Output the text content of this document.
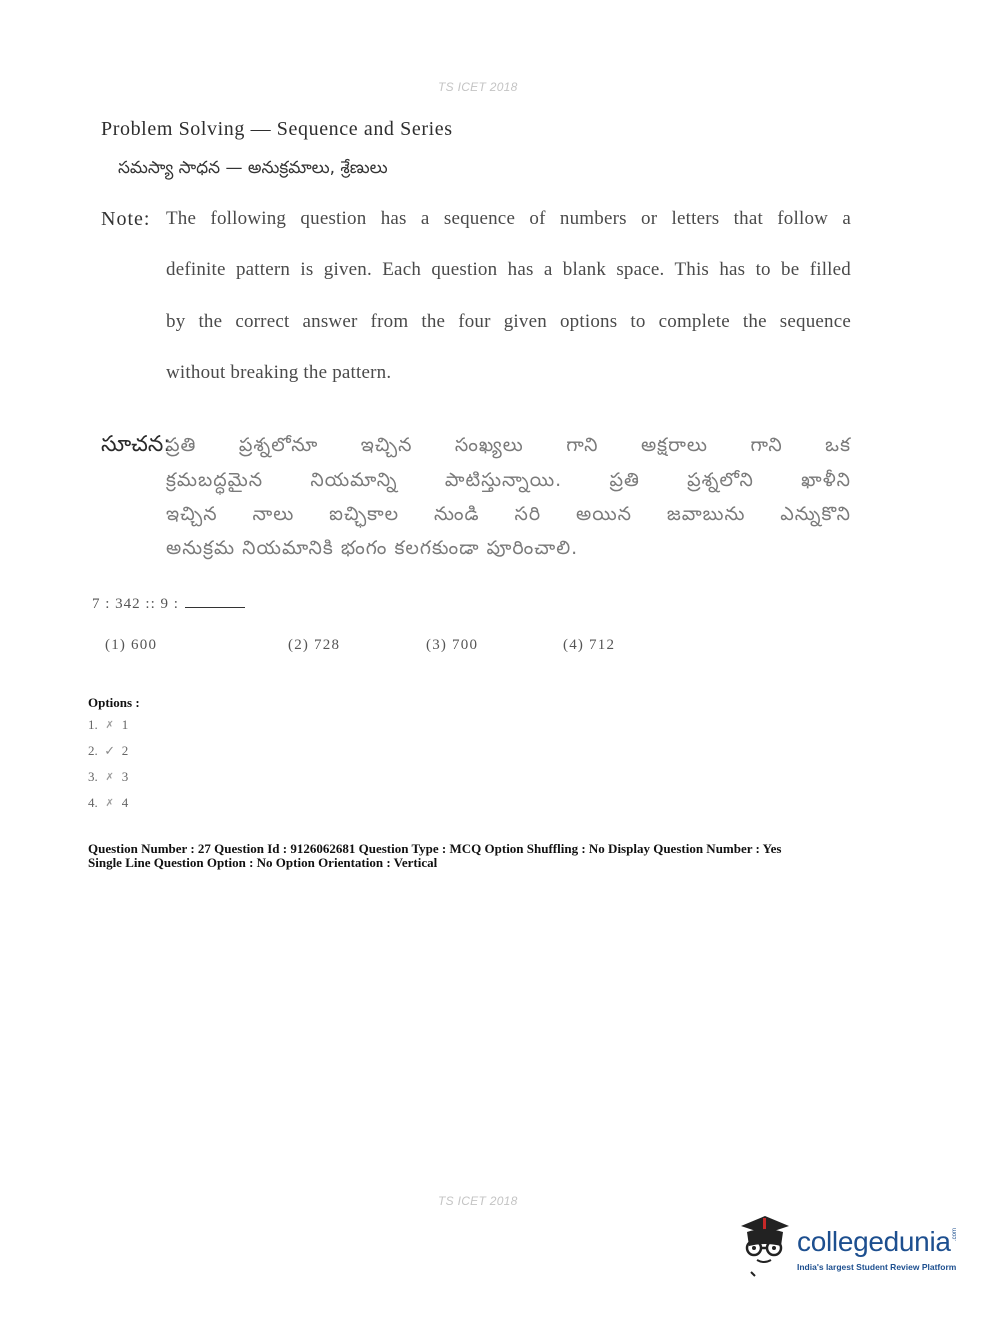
TS ICET 2018
Problem Solving — Sequence and Series
సమస్యా సాధన — అనుక్రమాలు, శ్రేణులు
Note: The following question has a sequence of numbers or letters that follow a
definite pattern is given. Each question has a blank space. This has to be filled
by the correct answer from the four given options to complete the sequence
without breaking the pattern.
సూచన:
ప్రతి ప్రశ్నలోనూ ఇచ్చిన సంఖ్యలు గాని అక్షరాలు గాని ఒక
క్రమబద్ధమైన నియమాన్ని పాటిస్తున్నాయి. ప్రతి ప్రశ్నలోని ఖాళీని
ఇచ్చిన నాలు ఐచ్ఛికాల నుండి సరి అయిన జవాబును ఎన్నుకొని
అనుక్రమ నియమానికి భంగం కలగకుండా పూరించాలి.
7 : 342 :: 9 :
(1) 600	(2) 728	(3) 700	(4) 712
Options :
1. ✗ 1
2. ✓ 2
3. ✗ 3
4. ✗ 4
Question Number : 27 Question Id : 9126062681 Question Type : MCQ Option Shuffling : No Display Question Number : Yes
Single Line Question Option : No Option Orientation : Vertical
TS ICET 2018
collegedunia .com
India's largest Student Review Platform
